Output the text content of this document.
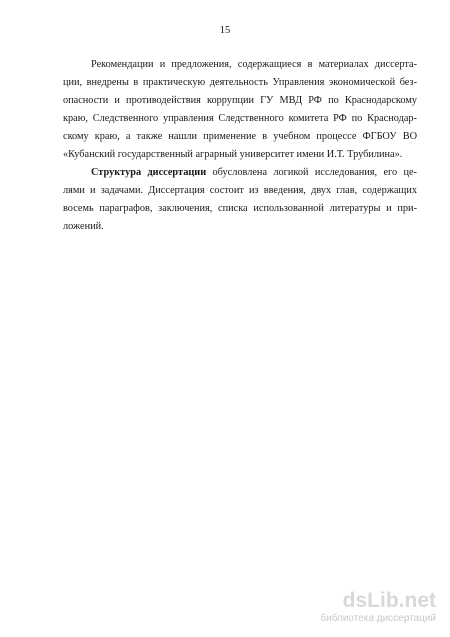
15
Рекомендации и предложения, содержащиеся в материалах диссерта-
ции, внедрены в практическую деятельность Управления экономической без-
опасности и противодействия коррупции ГУ МВД РФ по Краснодарскому
краю, Следственного управления Следственного комитета РФ по Краснодар-
скому краю, а также нашли применение в учебном процессе ФГБОУ ВО
«Кубанский государственный аграрный университет имени И.Т. Трубилина».
Структура диссертации обусловлена логикой исследования, его це-
лями и задачами. Диссертация состоит из введения, двух глав, содержащих
восемь параграфов, заключения, списка использованной литературы и при-
ложений.
dsLib.net
библиотека диссертаций
